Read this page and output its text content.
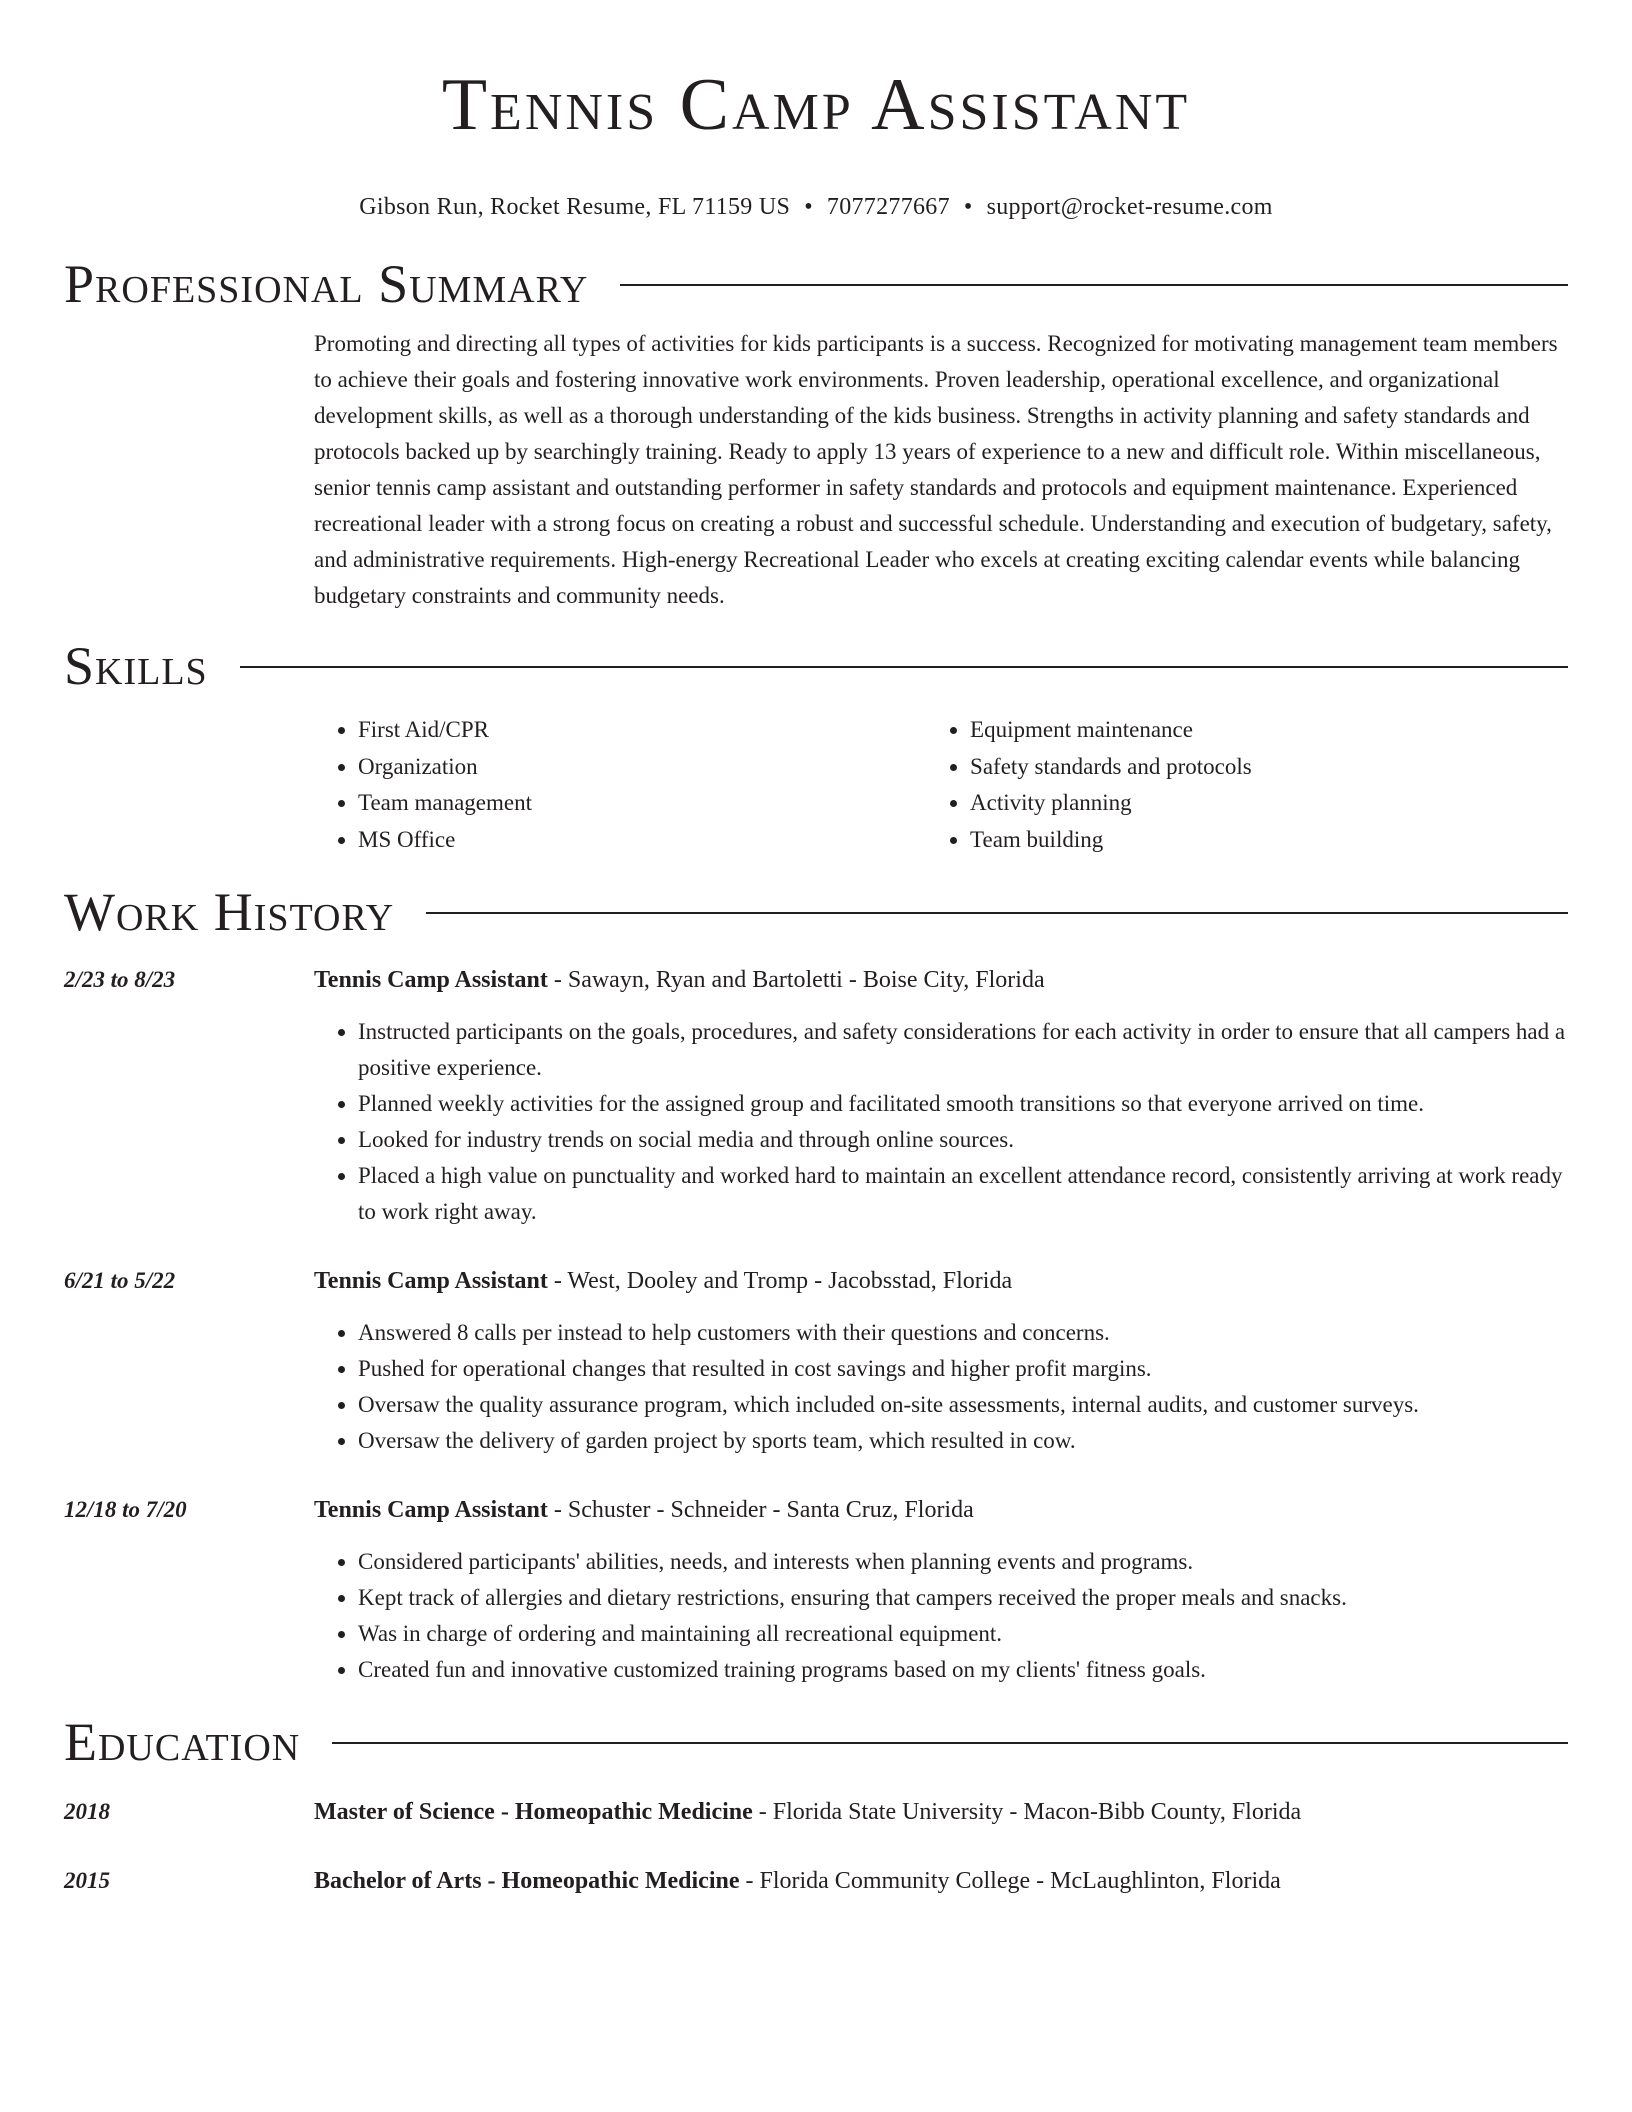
Tennis Camp Assistant
Gibson Run, Rocket Resume, FL 71159 US • 7077277667 • support@rocket-resume.com
Professional Summary

Promoting and directing all types of activities for kids participants is a success. Recognized for motivating management team members to achieve their goals and fostering innovative work environments. Proven leadership, operational excellence, and organizational development skills, as well as a thorough understanding of the kids business. Strengths in activity planning and safety standards and protocols backed up by searchingly training. Ready to apply 13 years of experience to a new and difficult role. Within miscellaneous, senior tennis camp assistant and outstanding performer in safety standards and protocols and equipment maintenance. Experienced recreational leader with a strong focus on creating a robust and successful schedule. Understanding and execution of budgetary, safety, and administrative requirements. High-energy Recreational Leader who excels at creating exciting calendar events while balancing budgetary constraints and community needs.

Skills
• First Aid/CPR
• Organization
• Team management
• MS Office
• Equipment maintenance
• Safety standards and protocols
• Activity planning
• Team building
Work History
2/23 to 8/23	Tennis Camp Assistant - Sawayn, Ryan and Bartoletti - Boise City, Florida
• Instructed participants on the goals, procedures, and safety considerations for each activity in order to ensure that all campers had a positive experience.
• Planned weekly activities for the assigned group and facilitated smooth transitions so that everyone arrived on time.
• Looked for industry trends on social media and through online sources.
• Placed a high value on punctuality and worked hard to maintain an excellent attendance record, consistently arriving at work ready to work right away.
6/21 to 5/22	Tennis Camp Assistant - West, Dooley and Tromp - Jacobsstad, Florida
• Answered 8 calls per instead to help customers with their questions and concerns.
• Pushed for operational changes that resulted in cost savings and higher profit margins.
• Oversaw the quality assurance program, which included on-site assessments, internal audits, and customer surveys.
• Oversaw the delivery of garden project by sports team, which resulted in cow.
12/18 to 7/20	Tennis Camp Assistant - Schuster - Schneider - Santa Cruz, Florida
• Considered participants' abilities, needs, and interests when planning events and programs.
• Kept track of allergies and dietary restrictions, ensuring that campers received the proper meals and snacks.
• Was in charge of ordering and maintaining all recreational equipment.
• Created fun and innovative customized training programs based on my clients' fitness goals.
Education
2018	Master of Science - Homeopathic Medicine - Florida State University - Macon-Bibb County, Florida
2015	Bachelor of Arts - Homeopathic Medicine - Florida Community College - McLaughlinton, Florida
